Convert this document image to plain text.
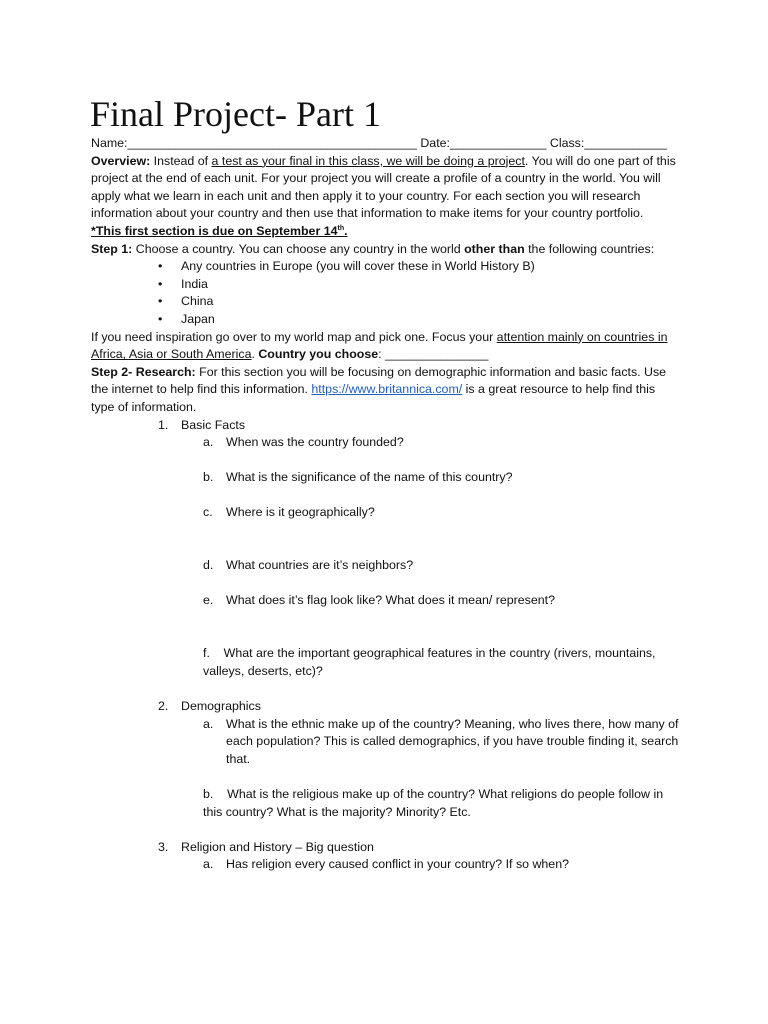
Final Project- Part 1

Name:__________________________________________ Date:______________ Class:____________

Overview: Instead of a test as your final in this class, we will be doing a project. You will do one part of this project at the end of each unit. For your project you will create a profile of a country in the world. You will apply what we learn in each unit and then apply it to your country. For each section you will research information about your country and then use that information to make items for your country portfolio.

*This first section is due on September 14th.

Step 1: Choose a country. You can choose any country in the world other than the following countries:

• Any countries in Europe (you will cover these in World History B)
• India
• China
• Japan

If you need inspiration go over to my world map and pick one. Focus your attention mainly on countries in Africa, Asia or South America. Country you choose: _______________

Step 2- Research: For this section you will be focusing on demographic information and basic facts. Use the internet to help find this information. https://www.britannica.com/ is a great resource to help find this type of information.

1. Basic Facts

a. When was the country founded?

b. What is the significance of the name of this country?

c. Where is it geographically?

d. What countries are it’s neighbors?

e. What does it’s flag look like? What does it mean/ represent?

f. What are the important geographical features in the country (rivers, mountains, valleys, deserts, etc)?

2. Demographics

a. What is the ethnic make up of the country? Meaning, who lives there, how many of each population? This is called demographics, if you have trouble finding it, search that.

b. What is the religious make up of the country? What religions do people follow in this country? What is the majority? Minority? Etc.

3. Religion and History – Big question

a. Has religion every caused conflict in your country? If so when?
